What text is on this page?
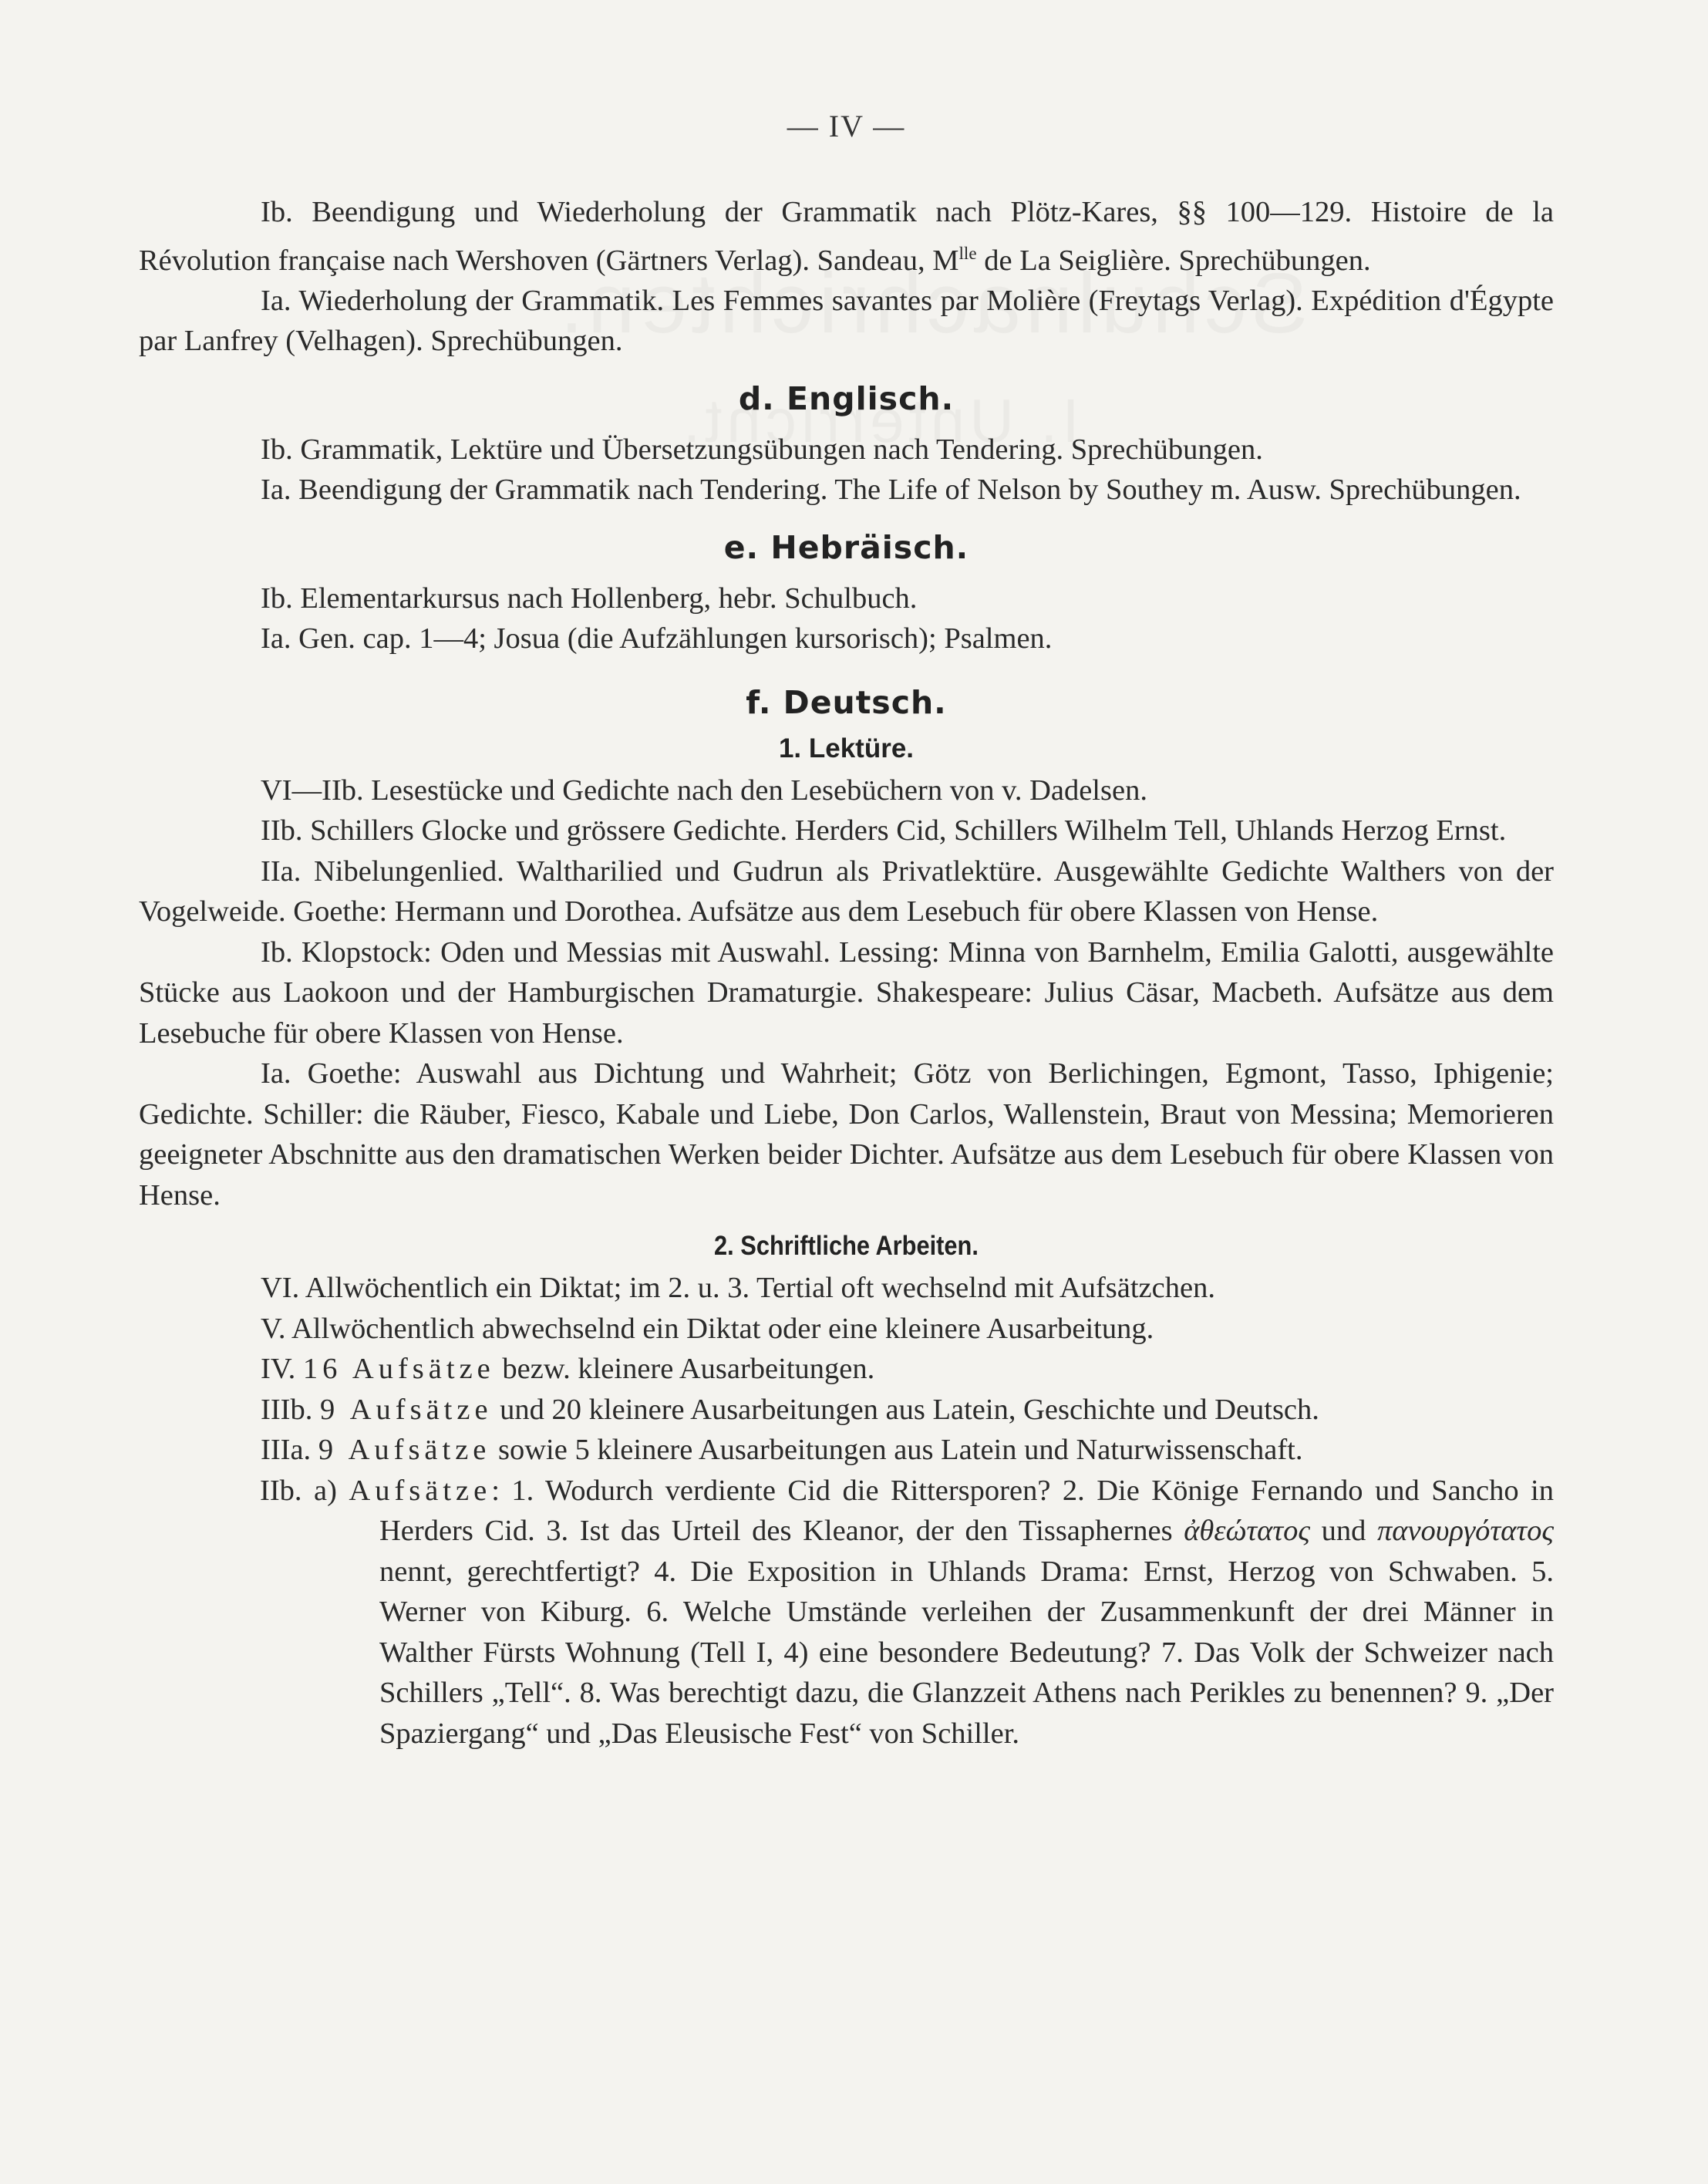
— IV —

Ib. Beendigung und Wiederholung der Grammatik nach Plötz-Kares, §§ 100—129. Histoire de la Révolution française nach Wershoven (Gärtners Verlag). Sandeau, $M^{lle}$ de La Seiglière. Sprechübungen.

Ia. Wiederholung der Grammatik. Les Femmes savantes par Molière (Freytags Verlag). Expédition d'Égypte par Lanfrey (Velhagen). Sprechübungen.

d. Englisch.

Ib. Grammatik, Lektüre und Übersetzungsübungen nach Tendering. Sprechübungen.

Ia. Beendigung der Grammatik nach Tendering. The Life of Nelson by Southey m. Ausw. Sprechübungen.

e. Hebräisch.

Ib. Elementarkursus nach Hollenberg, hebr. Schulbuch.

Ia. Gen. cap. 1—4; Josua (die Aufzählungen kursorisch); Psalmen.

f. Deutsch.
1. Lektüre.

VI—IIb. Lesestücke und Gedichte nach den Lesebüchern von v. Dadelsen.

IIb. Schillers Glocke und grössere Gedichte. Herders Cid, Schillers Wilhelm Tell, Uhlands Herzog Ernst.

IIa. Nibelungenlied. Waltharilied und Gudrun als Privatlektüre. Ausgewählte Gedichte Walthers von der Vogelweide. Goethe: Hermann und Dorothea. Aufsätze aus dem Lesebuch für obere Klassen von Hense.

Ib. Klopstock: Oden und Messias mit Auswahl. Lessing: Minna von Barnhelm, Emilia Galotti, ausgewählte Stücke aus Laokoon und der Hamburgischen Dramaturgie. Shakespeare: Julius Cäsar, Macbeth. Aufsätze aus dem Lesebuche für obere Klassen von Hense.

Ia. Goethe: Auswahl aus Dichtung und Wahrheit; Götz von Berlichingen, Egmont, Tasso, Iphigenie; Gedichte. Schiller: die Räuber, Fiesco, Kabale und Liebe, Don Carlos, Wallenstein, Braut von Messina; Memorieren geeigneter Abschnitte aus den dramatischen Werken beider Dichter. Aufsätze aus dem Lesebuch für obere Klassen von Hense.

2. Schriftliche Arbeiten.

VI. Allwöchentlich ein Diktat; im 2. u. 3. Tertial oft wechselnd mit Aufsätzchen.

V. Allwöchentlich abwechselnd ein Diktat oder eine kleinere Ausarbeitung.

IV. 16 Aufsätze bezw. kleinere Ausarbeitungen.

IIIb. 9 Aufsätze und 20 kleinere Ausarbeitungen aus Latein, Geschichte und Deutsch.

IIIa. 9 Aufsätze sowie 5 kleinere Ausarbeitungen aus Latein und Naturwissenschaft.

IIb. a) Aufsätze: 1. Wodurch verdiente Cid die Rittersporen? 2. Die Könige Fernando und Sancho in Herders Cid. 3. Ist das Urteil des Kleanor, der den Tissaphernes ἀθεώτατος und πανουργότατος nennt, gerechtfertigt? 4. Die Exposition in Uhlands Drama: Ernst, Herzog von Schwaben. 5. Werner von Kiburg. 6. Welche Umstände verleihen der Zusammenkunft der drei Männer in Walther Fürsts Wohnung (Tell I, 4) eine besondere Bedeutung? 7. Das Volk der Schweizer nach Schillers „Tell“. 8. Was berechtigt dazu, die Glanzzeit Athens nach Perikles zu benennen? 9. „Der Spaziergang“ und „Das Eleusische Fest“ von Schiller.
